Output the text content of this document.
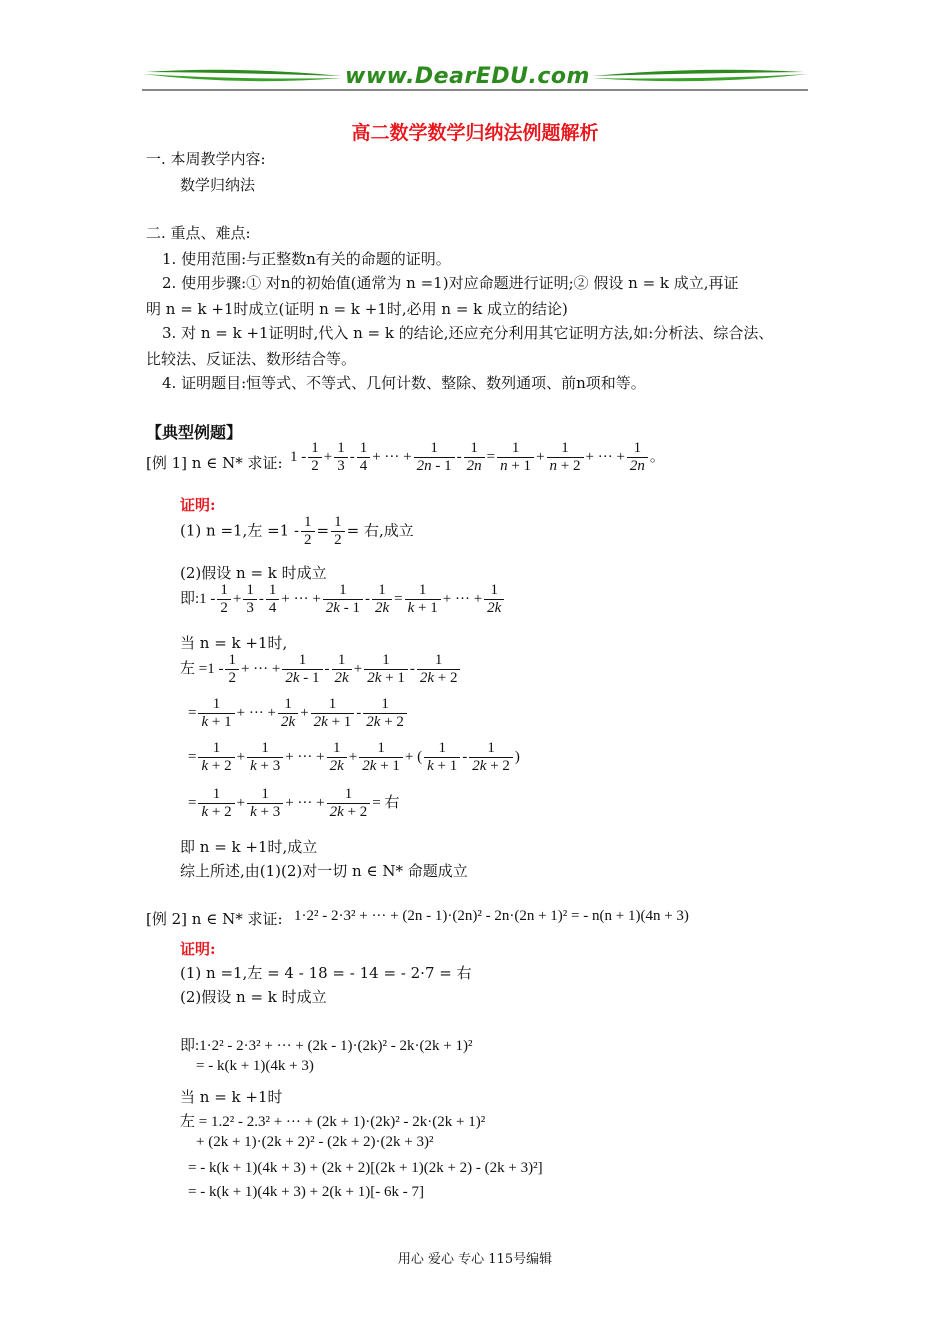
www.DearEDU.com
高二数学数学归纳法例题解析
一. 本周教学内容:
数学归纳法
二. 重点、难点:
1. 使用范围:与正整数n有关的命题的证明。
2. 使用步骤:① 对n的初始值(通常为 n =1)对应命题进行证明;② 假设 n = k 成立,再证
明 n = k +1时成立(证明 n = k +1时,必用 n = k 成立的结论)
3. 对 n = k +1证明时,代入 n = k 的结论,还应充分利用其它证明方法,如:分析法、综合法、
比较法、反证法、数形结合等。
4. 证明题目:恒等式、不等式、几何计数、整除、数列通项、前n项和等。
【典型例题】
[例 1] n ∈ N* 求证: $1 - \frac{1}{2} + \frac{1}{3} - \frac{1}{4}$ + ··· + $\frac{1}{2n - 1} - \frac{1}{2n} = \frac{1}{n + 1} + \frac{1}{n + 2}$ + ··· + $\frac{1}{2n}$ 。
证明:
(1) n =1,左 $=1 - \frac{1}{2} = \frac{1}{2}$ = 右,成立
(2)假设 n = k 时成立
即:1 - $\frac{1}{2} + \frac{1}{3} - \frac{1}{4}$ + ··· + $\frac{1}{2k - 1} - \frac{1}{2k} = \frac{1}{k + 1}$ + ··· + $\frac{1}{2k}$
当 n = k +1时,
左 $=1 - \frac{1}{2}$ + ··· + $\frac{1}{2k - 1} - \frac{1}{2k} + \frac{1}{2k + 1} - \frac{1}{2k + 2}$
= $\frac{1}{k + 1}$ + ··· + $\frac{1}{2k} + \frac{1}{2k + 1} - \frac{1}{2k + 2}$
= $\frac{1}{k + 2} + \frac{1}{k + 3}$ + ··· + $\frac{1}{2k} + \frac{1}{2k + 1}$ + ( $\frac{1}{k + 1} - \frac{1}{2k + 2}$ )
= $\frac{1}{k + 2} + \frac{1}{k + 3}$ + ··· + $\frac{1}{2k + 2}$ = 右
即 n = k +1时,成立
综上所述,由(1)(2)对一切 n ∈ N* 命题成立
[例 2] n ∈ N* 求证: 1·2² - 2·3² + ··· + (2n - 1)·(2n)² - 2n·(2n + 1)² = - n(n + 1)(4n + 3)
证明:
(1) n =1,左 = 4 - 18 = - 14 = - 2·7 = 右
(2)假设 n = k 时成立
即:1·2² - 2·3² + ··· + (2k - 1)·(2k)² - 2k·(2k + 1)²
= - k(k + 1)(4k + 3)
当 n = k +1时
左 = 1.2² - 2.3² + ··· + (2k + 1)·(2k)² - 2k·(2k + 1)²
+ (2k + 1)·(2k + 2)² - (2k + 2)·(2k + 3)²
= - k(k + 1)(4k + 3) + (2k + 2)[(2k + 1)(2k + 2) - (2k + 3)²]
= - k(k + 1)(4k + 3) + 2(k + 1)[- 6k - 7]
用心 爱心 专心 115号编辑
